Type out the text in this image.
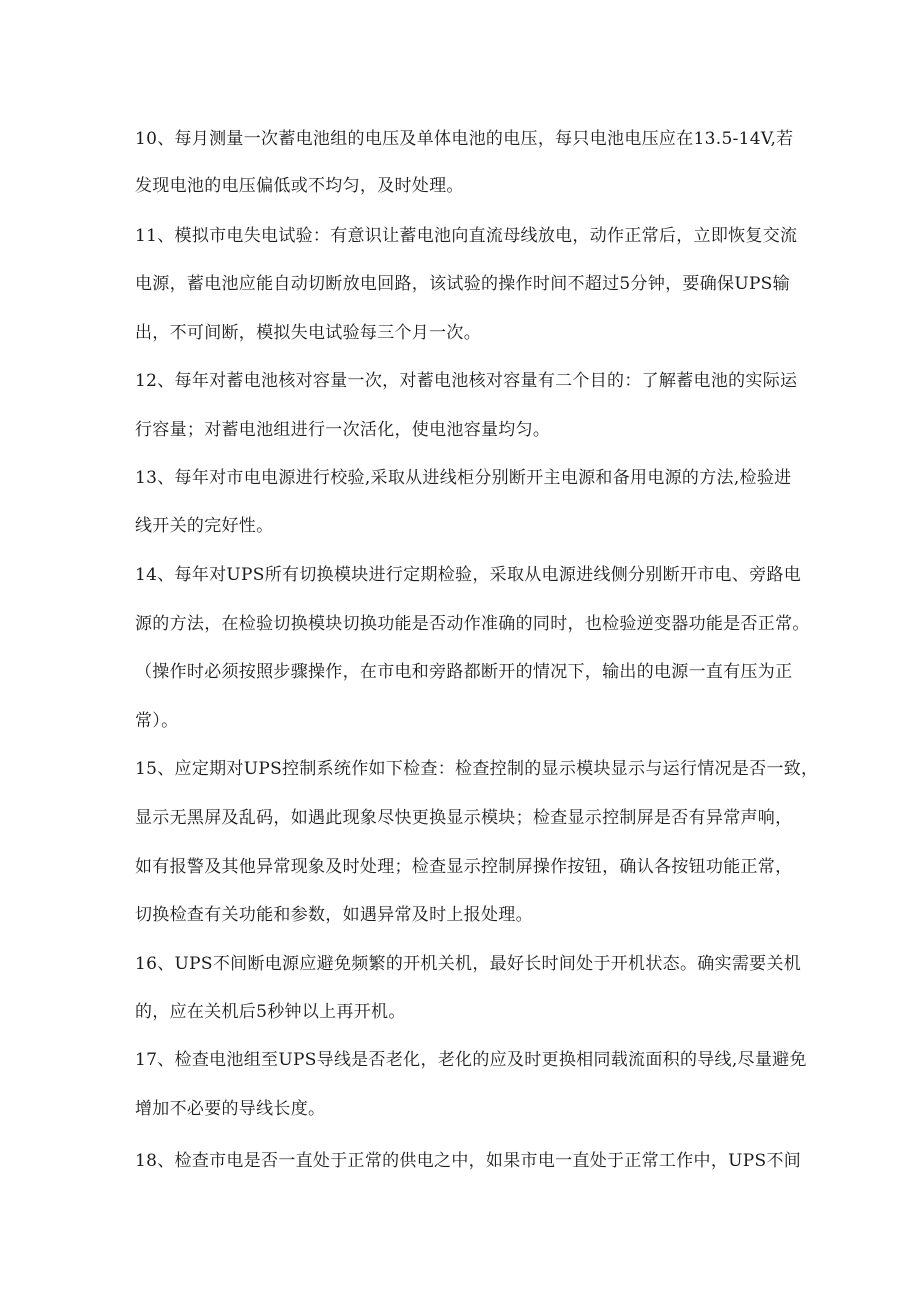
10、每月测量一次蓄电池组的电压及单体电池的电压，每只电池电压应在13.5-14V,若
发现电池的电压偏低或不均匀，及时处理。
11、模拟市电失电试验：有意识让蓄电池向直流母线放电，动作正常后，立即恢复交流
电源，蓄电池应能自动切断放电回路，该试验的操作时间不超过5分钟，要确保UPS输
出，不可间断，模拟失电试验每三个月一次。
12、每年对蓄电池核对容量一次，对蓄电池核对容量有二个目的：了解蓄电池的实际运
行容量；对蓄电池组进行一次活化，使电池容量均匀。
13、每年对市电电源进行校验,采取从进线柜分别断开主电源和备用电源的方法,检验进
线开关的完好性。
14、每年对UPS所有切换模块进行定期检验，采取从电源进线侧分别断开市电、旁路电
源的方法，在检验切换模块切换功能是否动作准确的同时，也检验逆变器功能是否正常。
（操作时必须按照步骤操作，在市电和旁路都断开的情况下，输出的电源一直有压为正
常）。
15、应定期对UPS控制系统作如下检查：检查控制的显示模块显示与运行情况是否一致，
显示无黑屏及乱码，如遇此现象尽快更换显示模块；检查显示控制屏是否有异常声响，
如有报警及其他异常现象及时处理；检查显示控制屏操作按钮，确认各按钮功能正常，
切换检查有关功能和参数，如遇异常及时上报处理。
16、UPS不间断电源应避免频繁的开机关机，最好长时间处于开机状态。确实需要关机
的，应在关机后5秒钟以上再开机。
17、检查电池组至UPS导线是否老化，老化的应及时更换相同载流面积的导线,尽量避免
增加不必要的导线长度。
18、检查市电是否一直处于正常的供电之中，如果市电一直处于正常工作中，UPS不间
